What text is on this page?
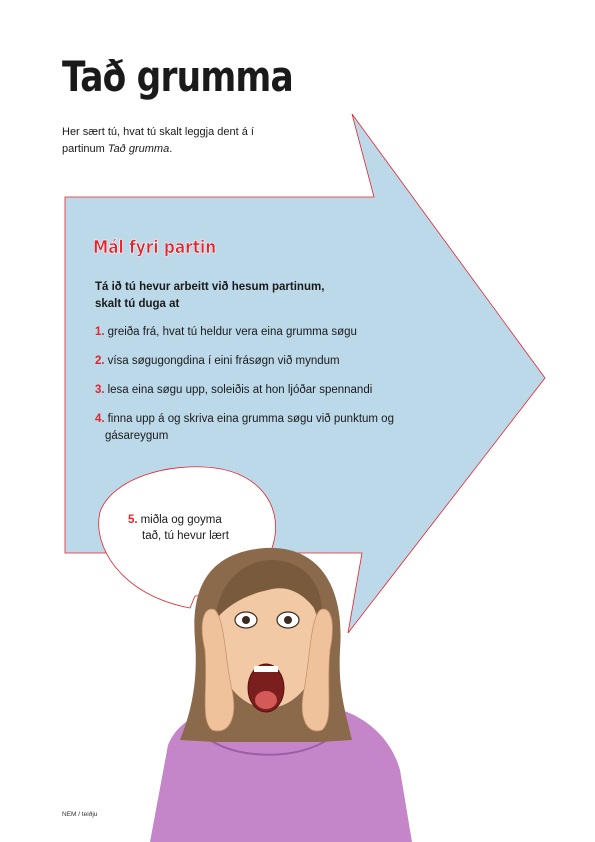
Tað grumma
Her sært tú, hvat tú skalt leggja dent á í
partinum Tað grumma.
Mál fyri partin
Tá ið tú hevur arbeitt við hesum partinum,
skalt tú duga at
1. greiða frá, hvat tú heldur vera eina grumma søgu
2. vísa søgugongdina í eini frásøgn við myndum
3. lesa eina søgu upp, soleiðis at hon ljóðar spennandi
4. finna upp á og skriva eina grumma søgu við punktum og gásareygum
5. miðla og goyma
tað, tú hevur lært
NEM / teiðju
